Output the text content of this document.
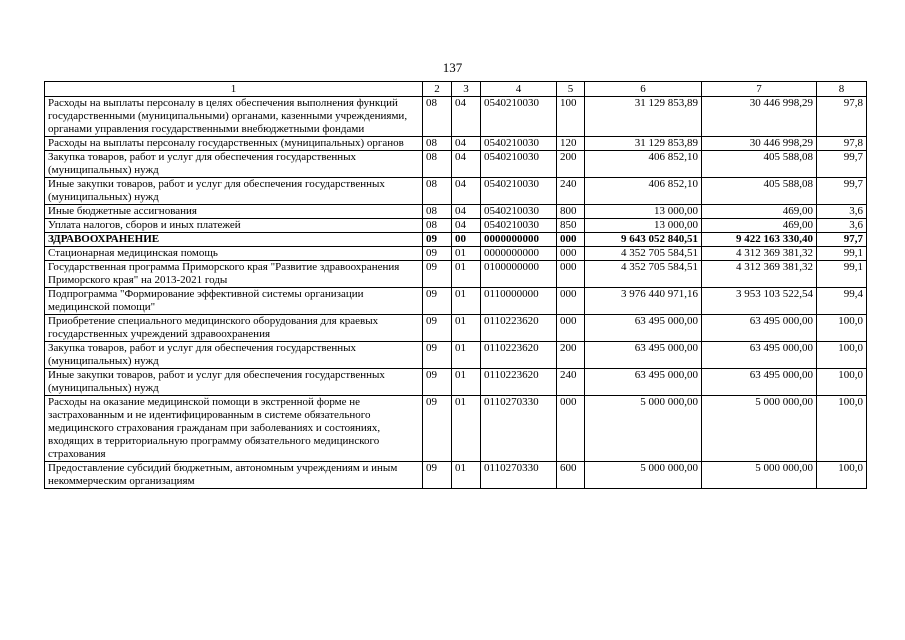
137
1	2	3	4	5	6	7	8
Расходы на выплаты персоналу в целях обеспечения выполнения функций государственными (муниципальными) органами, казенными учреждениями, органами управления государственными внебюджетными фондами	08	04	0540210030	100	31 129 853,89	30 446 998,29	97,8
Расходы на выплаты персоналу государственных (муниципальных) органов	08	04	0540210030	120	31 129 853,89	30 446 998,29	97,8
Закупка товаров, работ и услуг для обеспечения государственных (муниципальных) нужд	08	04	0540210030	200	406 852,10	405 588,08	99,7
Иные закупки товаров, работ и услуг для обеспечения государственных (муниципальных) нужд	08	04	0540210030	240	406 852,10	405 588,08	99,7
Иные бюджетные ассигнования	08	04	0540210030	800	13 000,00	469,00	3,6
Уплата налогов, сборов и иных платежей	08	04	0540210030	850	13 000,00	469,00	3,6
ЗДРАВООХРАНЕНИЕ	09	00	0000000000	000	9 643 052 840,51	9 422 163 330,40	97,7
Стационарная медицинская помощь	09	01	0000000000	000	4 352 705 584,51	4 312 369 381,32	99,1
Государственная программа Приморского края "Развитие здравоохранения Приморского края" на 2013-2021 годы	09	01	0100000000	000	4 352 705 584,51	4 312 369 381,32	99,1
Подпрограмма "Формирование эффективной системы организации медицинской помощи"	09	01	0110000000	000	3 976 440 971,16	3 953 103 522,54	99,4
Приобретение специального медицинского оборудования для краевых государственных учреждений здравоохранения	09	01	0110223620	000	63 495 000,00	63 495 000,00	100,0
Закупка товаров, работ и услуг для обеспечения государственных (муниципальных) нужд	09	01	0110223620	200	63 495 000,00	63 495 000,00	100,0
Иные закупки товаров, работ и услуг для обеспечения государственных (муниципальных) нужд	09	01	0110223620	240	63 495 000,00	63 495 000,00	100,0
Расходы на оказание медицинской помощи в экстренной форме не застрахованным и не идентифицированным в системе обязательного медицинского страхования гражданам при заболеваниях и состояниях, входящих в территориальную программу обязательного медицинского страхования	09	01	0110270330	000	5 000 000,00	5 000 000,00	100,0
Предоставление субсидий бюджетным, автономным учреждениям и иным некоммерческим организациям	09	01	0110270330	600	5 000 000,00	5 000 000,00	100,0
